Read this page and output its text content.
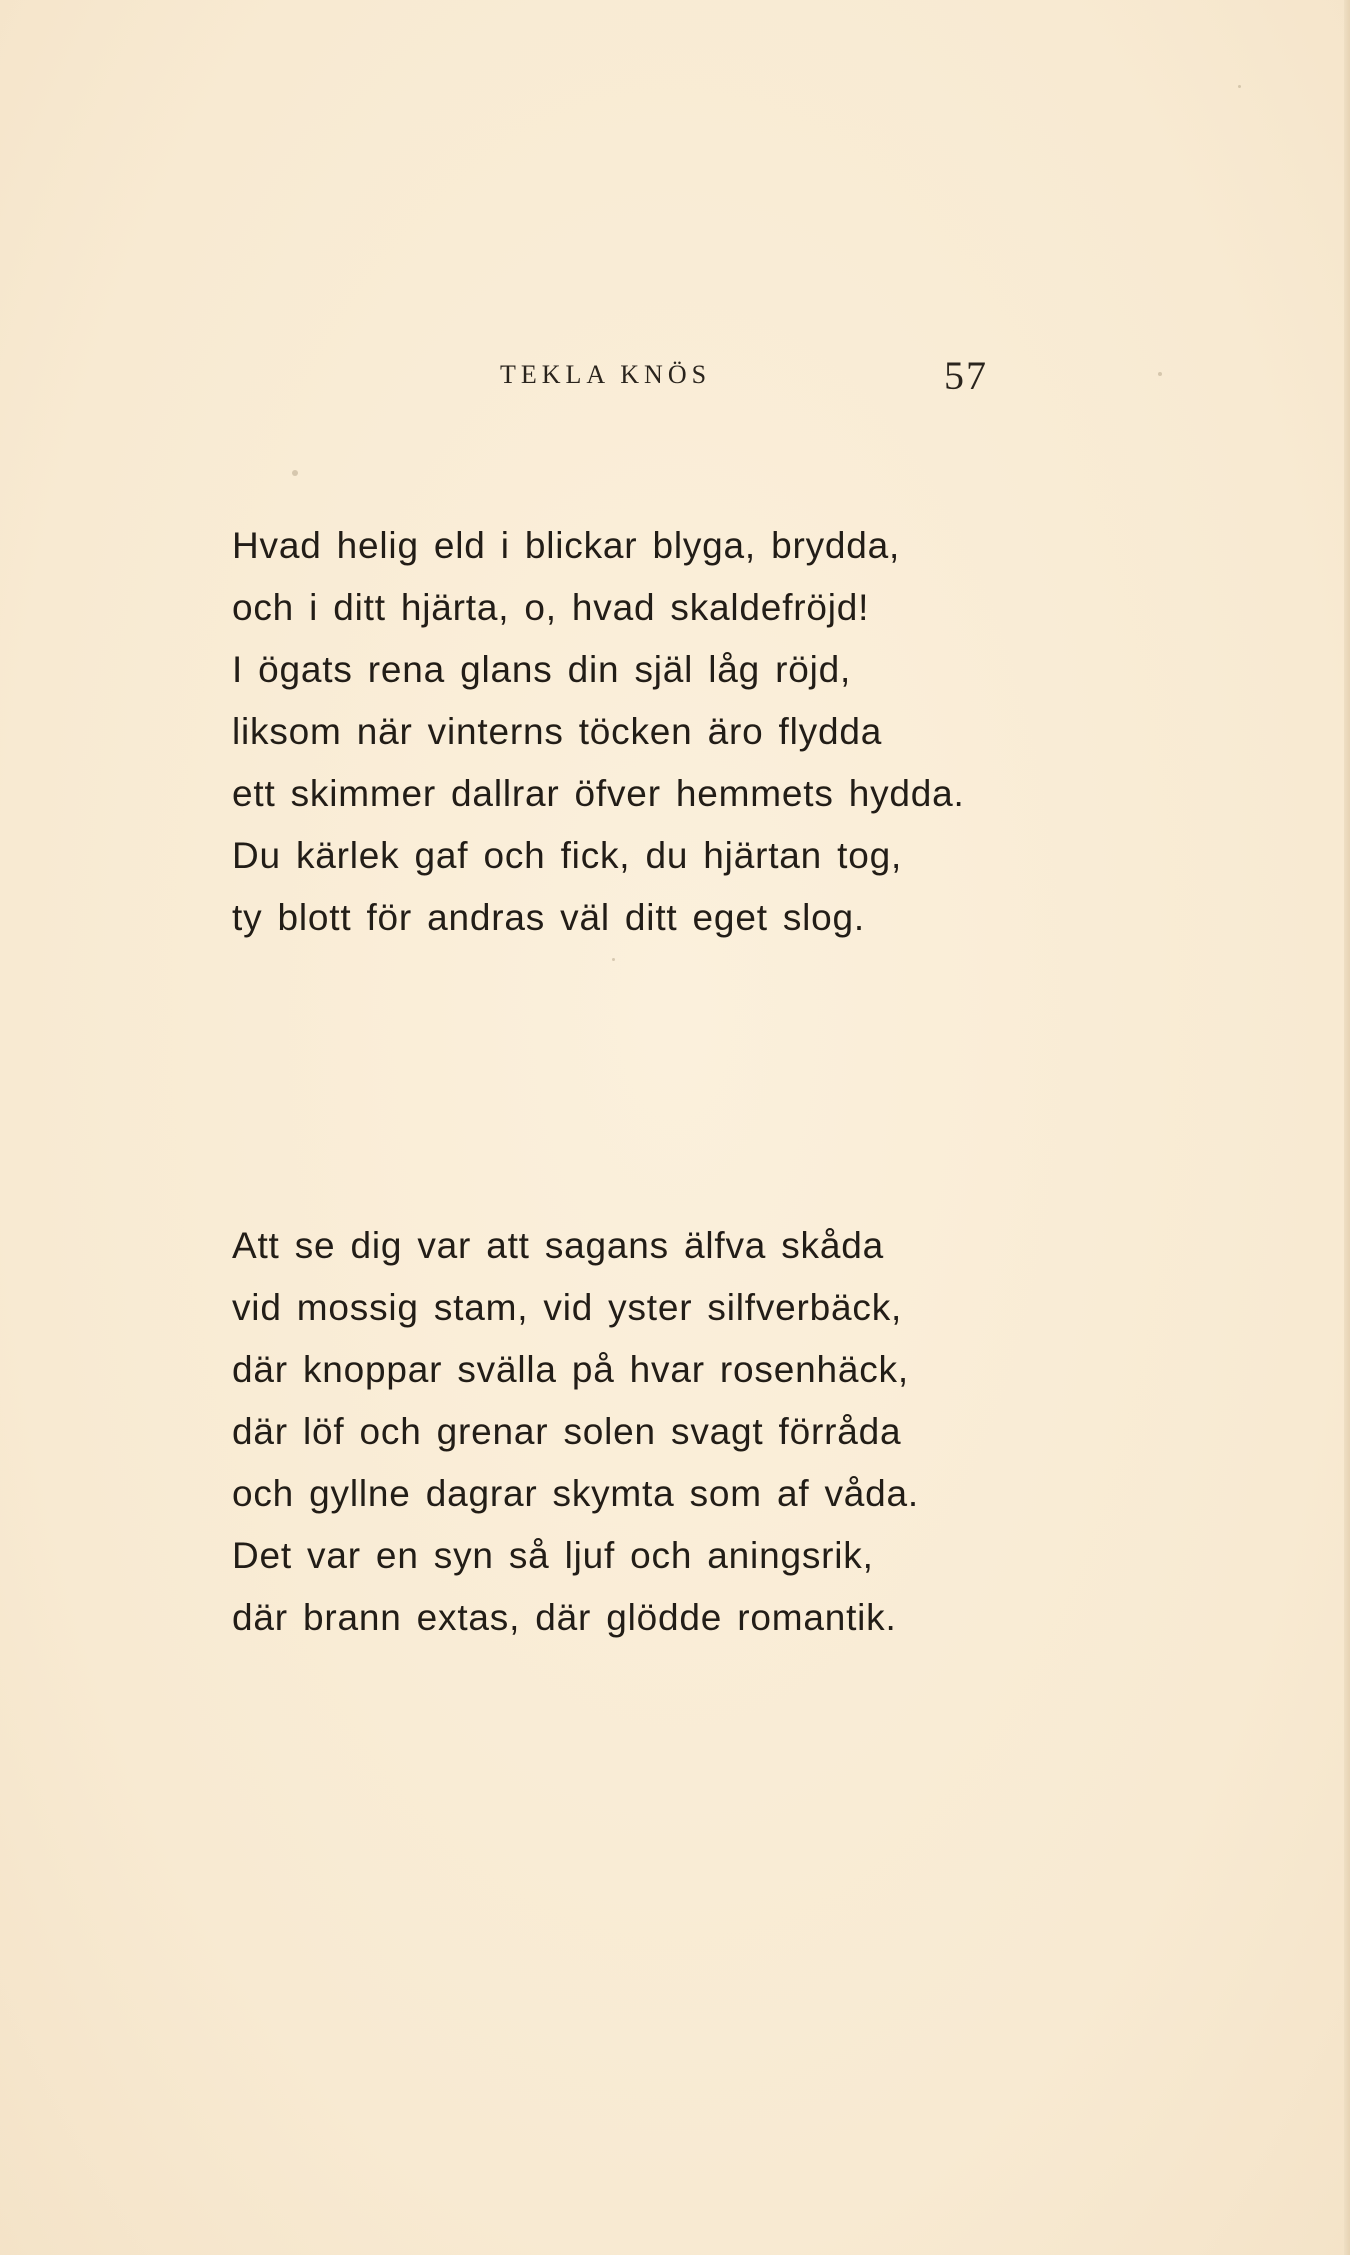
TEKLA KNÖS	57
Hvad helig eld i blickar blyga, brydda,
och i ditt hjärta, o, hvad skaldefröjd!
I ögats rena glans din själ låg röjd,
liksom när vinterns töcken äro flydda
ett skimmer dallrar öfver hemmets hydda.
Du kärlek gaf och fick, du hjärtan tog,
ty blott för andras väl ditt eget slog.
Att se dig var att sagans älfva skåda
vid mossig stam, vid yster silfverbäck,
där knoppar svälla på hvar rosenhäck,
där löf och grenar solen svagt förråda
och gyllne dagrar skymta som af våda.
Det var en syn så ljuf och aningsrik,
där brann extas, där glödde romantik.
